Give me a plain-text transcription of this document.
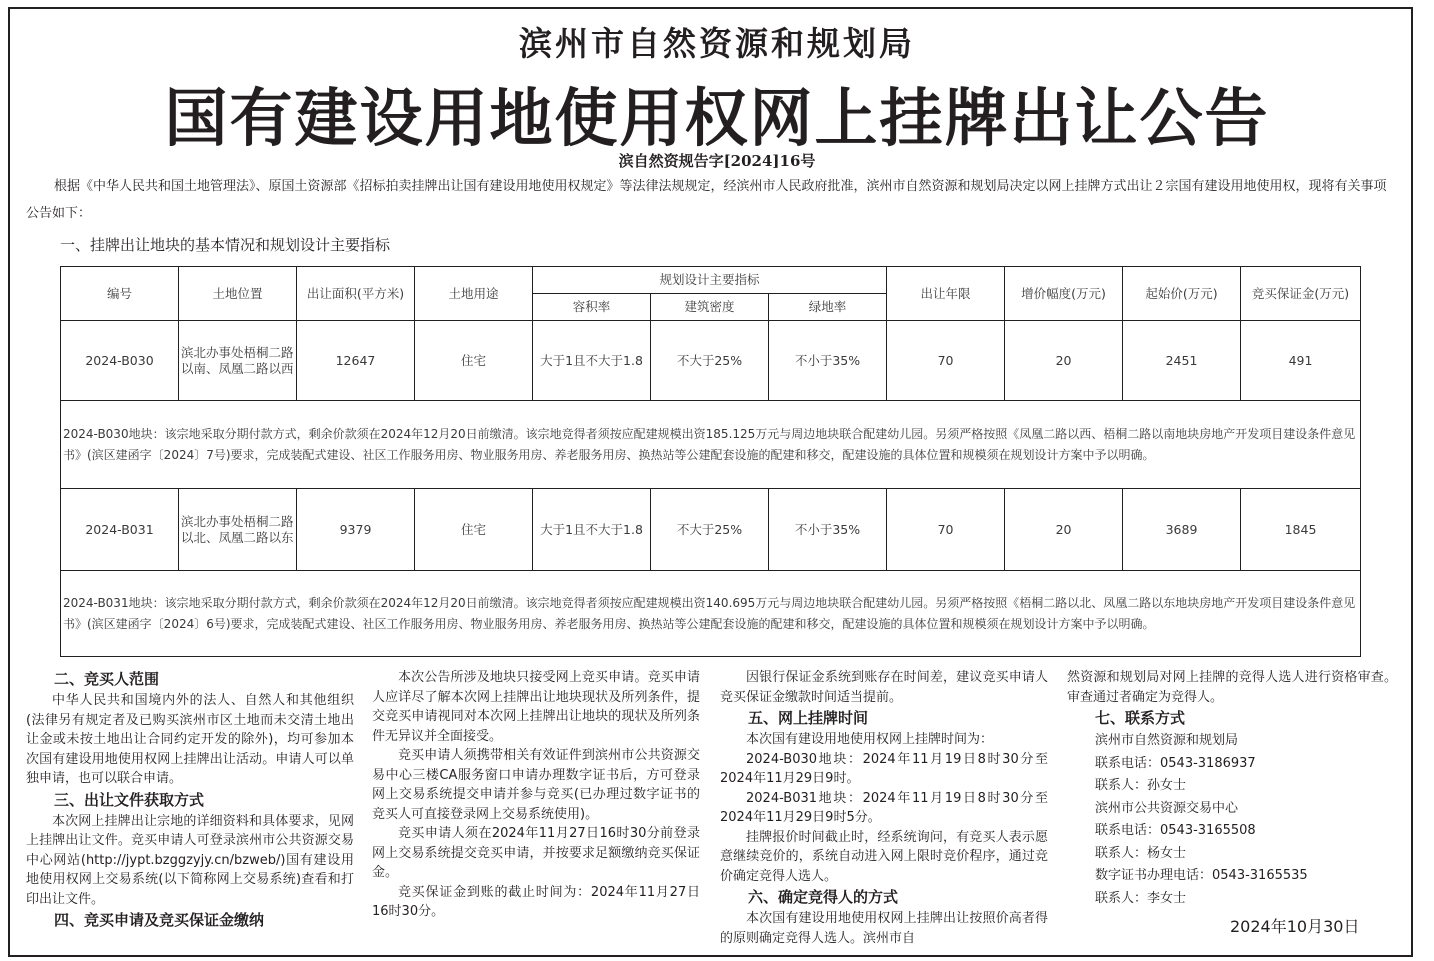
滨州市自然资源和规划局
国有建设用地使用权网上挂牌出让公告
滨自然资规告字[2024]16号
根据《中华人民共和国土地管理法》、原国土资源部《招标拍卖挂牌出让国有建设用地使用权规定》等法律法规规定，经滨州市人民政府批准，滨州市自然资源和规划局决定以网上挂牌方式出让２宗国有建设用地使用权，现将有关事项公告如下：
一、挂牌出让地块的基本情况和规划设计主要指标
编号	土地位置	出让面积(平方米)	土地用途	规划设计主要指标			出让年限	增价幅度(万元)	起始价(万元)	竞买保证金(万元)
				容积率	建筑密度	绿地率				
2024-B030	滨北办事处梧桐二路以南、凤凰二路以西	12647	住宅	大于1且不大于1.8	不大于25%	不小于35%	70	20	2451	491
2024-B030地块：该宗地采取分期付款方式，剩余价款须在2024年12月20日前缴清。该宗地竞得者须按应配建规模出资185.125万元与周边地块联合配建幼儿园。另须严格按照《凤凰二路以西、梧桐二路以南地块房地产开发项目建设条件意见书》(滨区建函字〔2024〕7号)要求，完成装配式建设、社区工作服务用房、物业服务用房、养老服务用房、换热站等公建配套设施的配建和移交，配建设施的具体位置和规模须在规划设计方案中予以明确。										
2024-B031	滨北办事处梧桐二路以北、凤凰二路以东	9379	住宅	大于1且不大于1.8	不大于25%	不小于35%	70	20	3689	1845
2024-B031地块：该宗地采取分期付款方式，剩余价款须在2024年12月20日前缴清。该宗地竞得者须按应配建规模出资140.695万元与周边地块联合配建幼儿园。另须严格按照《梧桐二路以北、凤凰二路以东地块房地产开发项目建设条件意见书》(滨区建函字〔2024〕6号)要求，完成装配式建设、社区工作服务用房、物业服务用房、养老服务用房、换热站等公建配套设施的配建和移交，配建设施的具体位置和规模须在规划设计方案中予以明确。										
二、竞买人范围

中华人民共和国境内外的法人、自然人和其他组织(法律另有规定者及已购买滨州市区土地而未交清土地出让金或未按土地出让合同约定开发的除外)，均可参加本次国有建设用地使用权网上挂牌出让活动。申请人可以单独申请，也可以联合申请。

三、出让文件获取方式

本次网上挂牌出让宗地的详细资料和具体要求，见网上挂牌出让文件。竞买申请人可登录滨州市公共资源交易中心网站(http://jypt.bzggzyjy.cn/bzweb/)国有建设用地使用权网上交易系统(以下简称网上交易系统)查看和打印出让文件。

四、竞买申请及竞买保证金缴纳

本次公告所涉及地块只接受网上竞买申请。竞买申请人应详尽了解本次网上挂牌出让地块现状及所列条件，提交竞买申请视同对本次网上挂牌出让地块的现状及所列条件无异议并全面接受。

竞买申请人须携带相关有效证件到滨州市公共资源交易中心三楼CA服务窗口申请办理数字证书后，方可登录网上交易系统提交申请并参与竞买(已办理过数字证书的竞买人可直接登录网上交易系统使用)。

竞买申请人须在2024年11月27日16时30分前登录网上交易系统提交竞买申请，并按要求足额缴纳竞买保证金。

竞买保证金到账的截止时间为：2024年11月27日16时30分。

因银行保证金系统到账存在时间差，建议竞买申请人竞买保证金缴款时间适当提前。

五、网上挂牌时间

本次国有建设用地使用权网上挂牌时间为：

2024-B030地块：2024年11月19日8时30分至2024年11月29日9时。

2024-B031地块：2024年11月19日8时30分至2024年11月29日9时5分。

挂牌报价时间截止时，经系统询问，有竞买人表示愿意继续竞价的，系统自动进入网上限时竞价程序，通过竞价确定竞得人选人。

六、确定竞得人的方式

本次国有建设用地使用权网上挂牌出让按照价高者得的原则确定竞得人选人。滨州市自

然资源和规划局对网上挂牌的竞得人选人进行资格审查。审查通过者确定为竞得人。

七、联系方式
滨州市自然资源和规划局
联系电话：0543-3186937
联系人：孙女士
滨州市公共资源交易中心
联系电话：0543-3165508
联系人：杨女士
数字证书办理电话：0543-3165535
联系人：李女士
2024年10月30日
